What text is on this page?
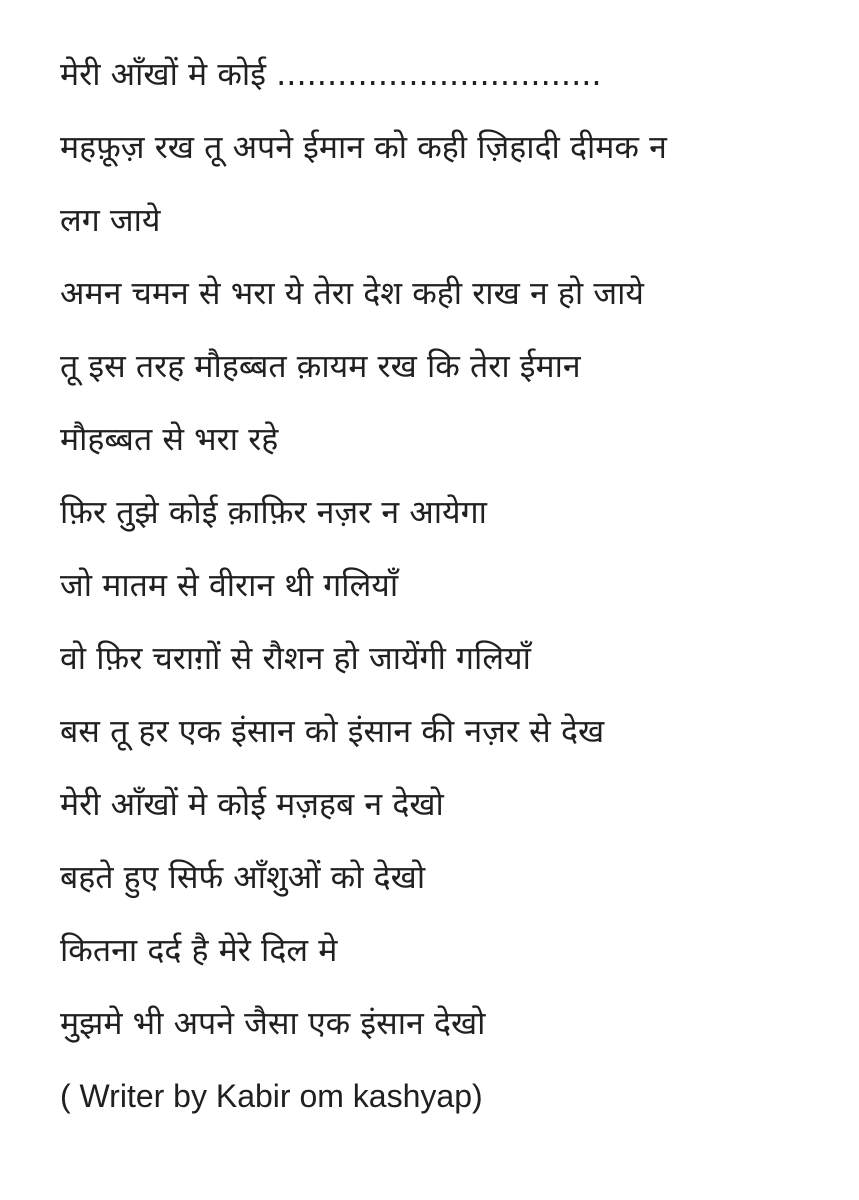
मेरी आँखों मे कोई ................................
महफ़ूज़ रख तू अपने ईमान को कही ज़िहादी दीमक न
लग जाये
अमन चमन से भरा ये तेरा देश कही राख न हो जाये
तू इस तरह मौहब्बत क़ायम रख कि तेरा ईमान
मौहब्बत से भरा रहे
फ़िर तुझे कोई क़ाफ़िर नज़र न आयेगा
जो मातम से वीरान थी गलियाँ
वो फ़िर चराग़ों से रौशन हो जायेंगी गलियाँ
बस तू हर एक इंसान को इंसान की नज़र से देख
मेरी आँखों मे कोई मज़हब न देखो
बहते हुए सिर्फ आँशुओं को देखो
कितना दर्द है मेरे दिल मे
मुझमे भी अपने जैसा एक इंसान देखो
( Writer by Kabir om kashyap)
